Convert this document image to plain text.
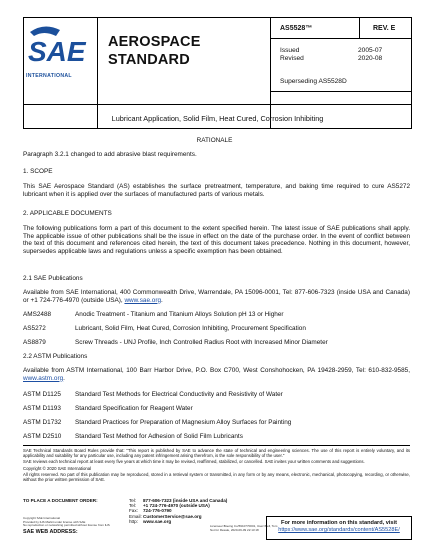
SAE
INTERNATIONAL
AEROSPACE
STANDARD
AS5528™	REV. E
Issued	2005-07
Revised	2020-08
Superseding AS5528D
Lubricant Application, Solid Film, Heat Cured, Corrosion Inhibiting
RATIONALE
Paragraph 3.2.1 changed to add abrasive blast requirements.
1. SCOPE
This SAE Aerospace Standard (AS) establishes the surface pretreatment, temperature, and baking time required to cure AS5272 lubricant when it is applied over the surfaces of manufactured parts of various metals.
2. APPLICABLE DOCUMENTS
The following publications form a part of this document to the extent specified herein. The latest issue of SAE publications shall apply. The applicable issue of other publications shall be the issue in effect on the date of the purchase order. In the event of conflict between the text of this document and references cited herein, the text of this document takes precedence. Nothing in this document, however, supersedes applicable laws and regulations unless a specific exemption has been obtained.
2.1 SAE Publications
Available from SAE International, 400 Commonwealth Drive, Warrendale, PA 15096-0001, Tel: 877-606-7323 (inside USA and Canada) or +1 724-776-4970 (outside USA), www.sae.org.
AMS2488	Anodic Treatment - Titanium and Titanium Alloys Solution pH 13 or Higher
AS5272	Lubricant, Solid Film, Heat Cured, Corrosion Inhibiting, Procurement Specification
AS8879	Screw Threads - UNJ Profile, Inch Controlled Radius Root with Increased Minor Diameter
2.2 ASTM Publications
Available from ASTM International, 100 Barr Harbor Drive, P.O. Box C700, West Conshohocken, PA 19428-2959, Tel: 610-832-9585, www.astm.org.
ASTM D1125 Standard Test Methods for Electrical Conductivity and Resistivity of Water
ASTM D1193 Standard Specification for Reagent Water
ASTM D1732 Standard Practices for Preparation of Magnesium Alloy Surfaces for Painting
ASTM D2510 Standard Test Method for Adhesion of Solid Film Lubricants
SAE Technical Standards Board Rules provide that: "This report is published by SAE to advance the state of technical and engineering sciences. The use of this report is entirely voluntary, and its applicability and suitability for any particular use, including any patent infringement arising therefrom, is the sole responsibility of the user."
SAE reviews each technical report at least every five years at which time it may be revised, reaffirmed, stabilized, or cancelled. SAE invites your written comments and suggestions.
Copyright © 2020 SAE International
All rights reserved. No part of this publication may be reproduced, stored in a retrieval system or transmitted, in any form or by any means, electronic, mechanical, photocopying, recording, or otherwise, without the prior written permission of SAE.
TO PLACE A DOCUMENT ORDER:	Tel: 877-606-7323 (inside USA and Canada)
Tel: +1 724-776-4970 (outside USA)
Fax: 724-776-0790
Email:CustomerService@sae.org
http: www.sae.org
Copyright SAE International
Provided by IHS Markit under license with SAE
No reproduction or networking permitted without license from IHS
SAE WEB ADDRESS:
Licensee=Boeing Co/5910770001, User=Bell, Tom
Not for Resale, 2020-09-09 22:13:18
For more information on this standard, visit
https://www.sae.org/standards/content/AS5528E/
